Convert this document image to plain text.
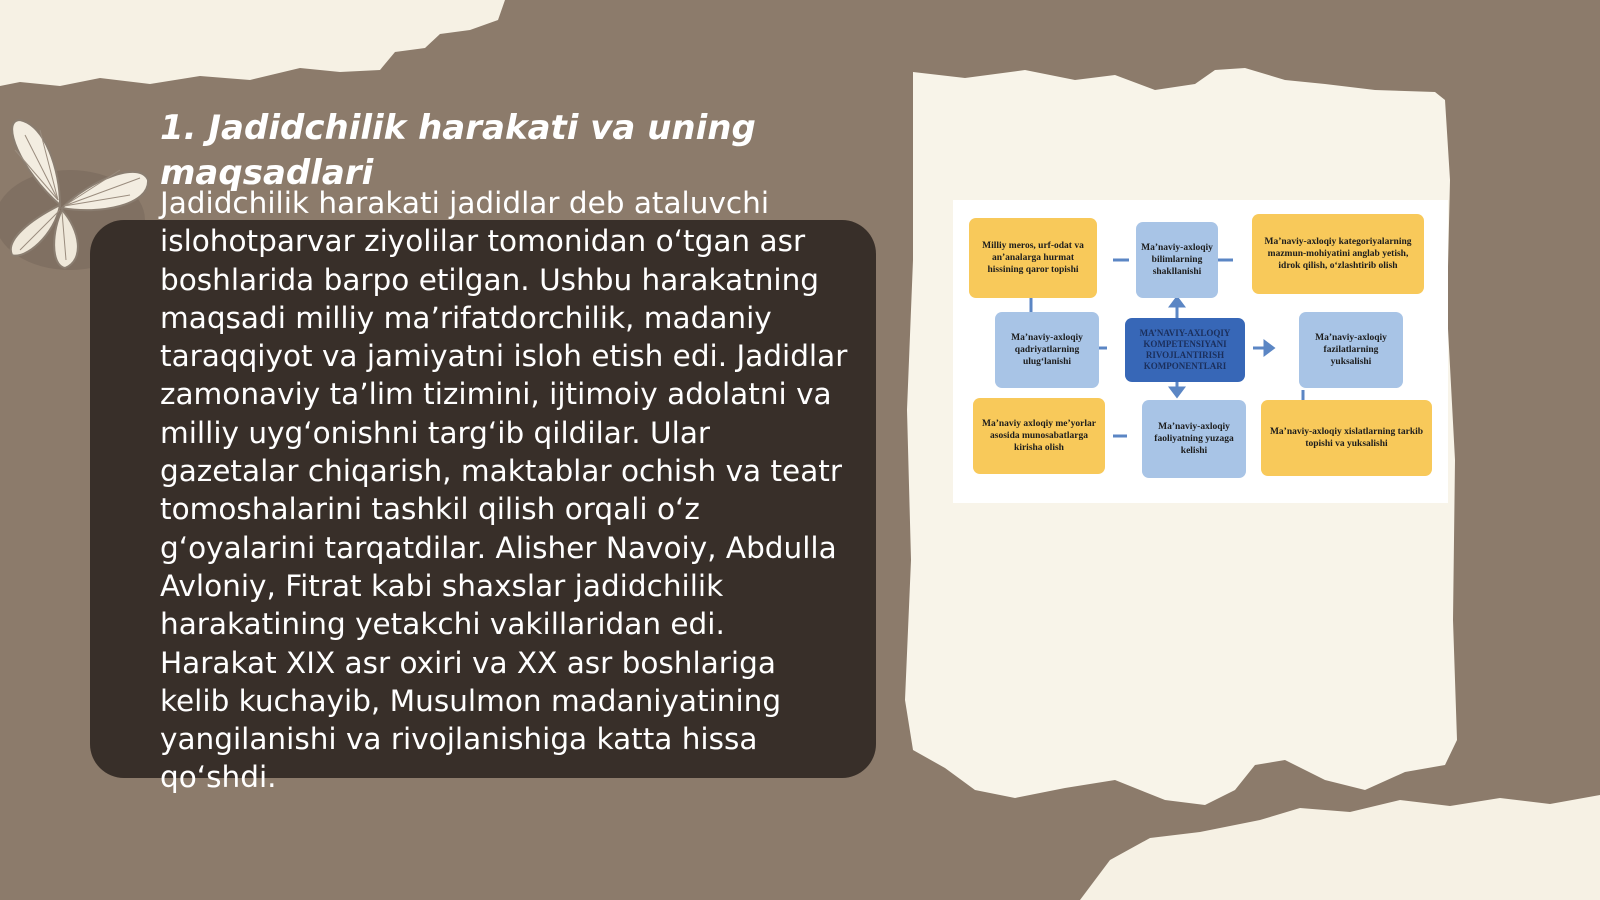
1. Jadidchilik harakati va uning maqsadlari

Jadidchilik harakati jadidlar deb ataluvchi islohotparvar ziyolilar tomonidan o‘tgan asr boshlarida barpo etilgan. Ushbu harakatning maqsadi milliy ma’rifatdorchilik, madaniy taraqqiyot va jamiyatni isloh etish edi. Jadidlar zamonaviy ta’lim tizimini, ijtimoiy adolatni va milliy uyg‘onishni targ‘ib qildilar. Ular gazetalar chiqarish, maktablar ochish va teatr tomoshalarini tashkil qilish orqali o‘z g‘oyalarini tarqatdilar. Alisher Navoiy, Abdulla Avloniy, Fitrat kabi shaxslar jadidchilik harakatining yetakchi vakillaridan edi. Harakat XIX asr oxiri va XX asr boshlariga kelib kuchayib, Musulmon madaniyatining yangilanishi va rivojlanishiga katta hissa qo‘shdi.

Milliy meros, urf-odat va an’analarga hurmat hissining qaror topishi
Ma’naviy-axloqiy bilimlarning shakllanishi
Ma’naviy-axloqiy kategoriyalarning mazmun-mohiyatini anglab yetish, idrok qilish, o‘zlashtirib olish
Ma’naviy-axloqiy qadriyatlarning ulug‘lanishi
MA’NAVIY-AXLOQIY KOMPETENSIYANI RIVOJLANTIRISH KOMPONENTLARI
Ma’naviy-axloqiy fazilatlarning yuksalishi
Ma’naviy axloqiy me’yorlar asosida munosabatlarga kirisha olish
Ma’naviy-axloqiy faoliyatning yuzaga kelishi
Ma’naviy-axloqiy xislatlarning tarkib topishi va yuksalishi
